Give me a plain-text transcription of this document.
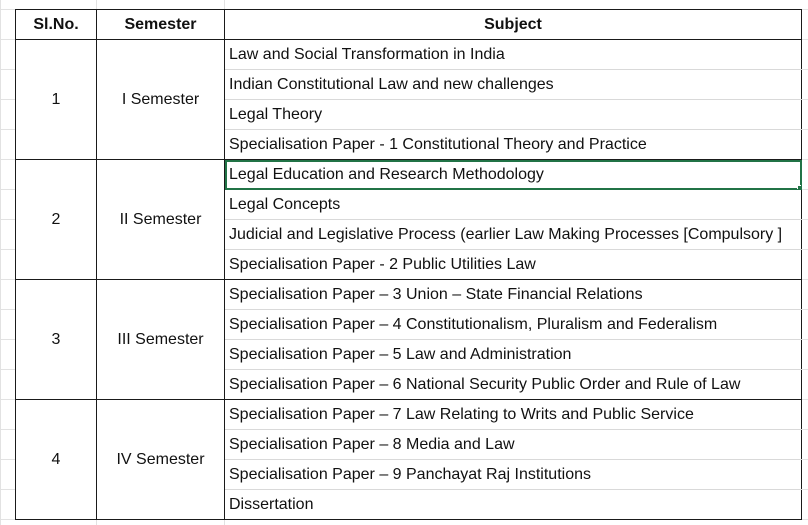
Sl.No.	Semester	Subject
1	I Semester	Law and Social Transformation in India
		Indian Constitutional Law and new challenges
		Legal Theory
		Specialisation Paper - 1 Constitutional Theory and Practice
2	II Semester	Legal Education and Research Methodology

		Legal Concepts
		Judicial and Legislative Process (earlier Law Making Processes [Compulsory ]
		Specialisation Paper - 2 Public Utilities Law
3	III Semester	Specialisation Paper – 3 Union – State Financial Relations
		Specialisation Paper – 4 Constitutionalism, Pluralism and Federalism
		Specialisation Paper – 5 Law and Administration
		Specialisation Paper – 6 National Security Public Order and Rule of Law
4	IV Semester	Specialisation Paper – 7 Law Relating to Writs and Public Service
		Specialisation Paper – 8 Media and Law
		Specialisation Paper – 9 Panchayat Raj Institutions
		Dissertation
